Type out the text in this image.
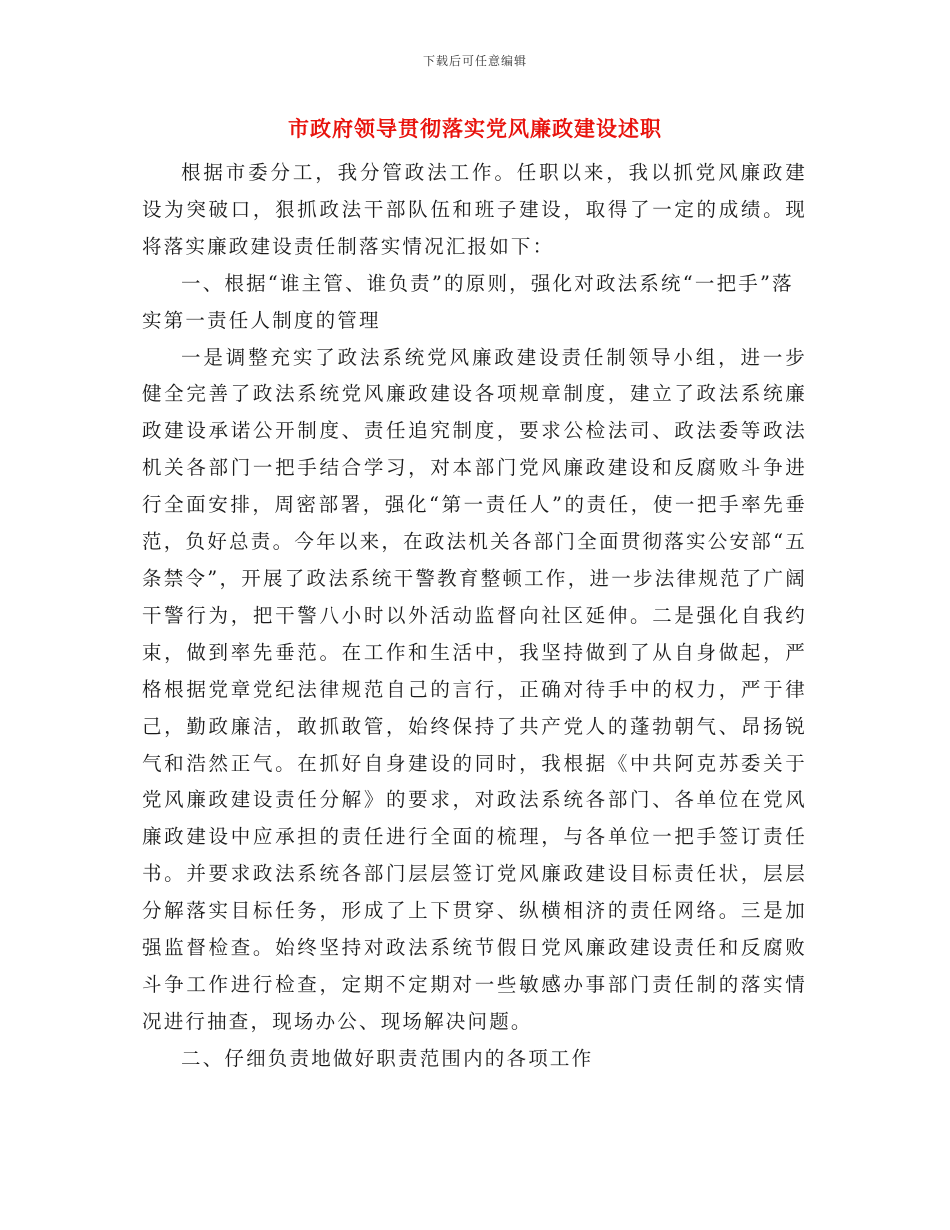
下载后可任意编辑
市政府领导贯彻落实党风廉政建设述职

根据市委分工，我分管政法工作。任职以来，我以抓党风廉政建设为突破口，狠抓政法干部队伍和班子建设，取得了一定的成绩。现将落实廉政建设责任制落实情况汇报如下：

一、根据“谁主管、谁负责”的原则，强化对政法系统“一把手”落实第一责任人制度的管理

一是调整充实了政法系统党风廉政建设责任制领导小组，进一步健全完善了政法系统党风廉政建设各项规章制度，建立了政法系统廉政建设承诺公开制度、责任追究制度，要求公检法司、政法委等政法机关各部门一把手结合学习，对本部门党风廉政建设和反腐败斗争进行全面安排，周密部署，强化“第一责任人”的责任，使一把手率先垂范，负好总责。今年以来，在政法机关各部门全面贯彻落实公安部“五条禁令”，开展了政法系统干警教育整顿工作，进一步法律规范了广阔干警行为，把干警八小时以外活动监督向社区延伸。二是强化自我约束，做到率先垂范。在工作和生活中，我坚持做到了从自身做起，严格根据党章党纪法律规范自己的言行，正确对待手中的权力，严于律己，勤政廉洁，敢抓敢管，始终保持了共产党人的蓬勃朝气、昂扬锐气和浩然正气。在抓好自身建设的同时，我根据《中共阿克苏委关于党风廉政建设责任分解》的要求，对政法系统各部门、各单位在党风廉政建设中应承担的责任进行全面的梳理，与各单位一把手签订责任书。并要求政法系统各部门层层签订党风廉政建设目标责任状，层层分解落实目标任务，形成了上下贯穿、纵横相济的责任网络。三是加强监督检查。始终坚持对政法系统节假日党风廉政建设责任和反腐败斗争工作进行检查，定期不定期对一些敏感办事部门责任制的落实情况进行抽查，现场办公、现场解决问题。

二、仔细负责地做好职责范围内的各项工作
